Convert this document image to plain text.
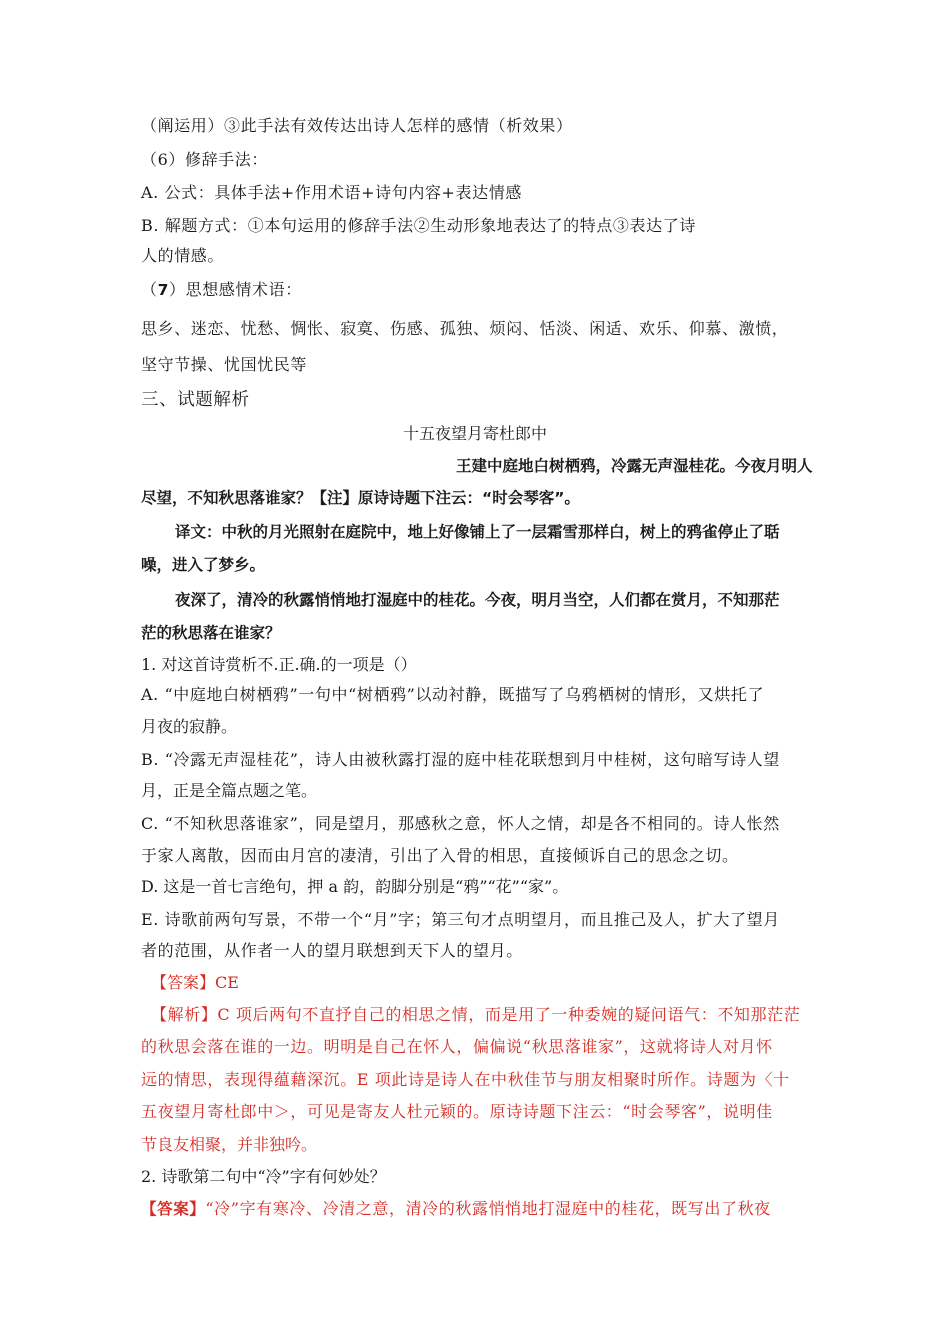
（阐运用）③此手法有效传达出诗人怎样的感情（析效果）
（6）修辞手法：
A. 公式：具体手法+作用术语+诗句内容+表达情感
B. 解题方式：①本句运用的修辞手法②生动形象地表达了的特点③表达了诗
人的情感。
（7）思想感情术语：
思乡、迷恋、忧愁、惆怅、寂寞、伤感、孤独、烦闷、恬淡、闲适、欢乐、仰慕、激愤，
坚守节操、忧国忧民等
三、试题解析
十五夜望月寄杜郎中
王建中庭地白树栖鸦，冷露无声湿桂花。今夜月明人
尽望，不知秋思落谁家？【注】原诗诗题下注云：“时会琴客”。
译文：中秋的月光照射在庭院中，地上好像铺上了一层霜雪那样白，树上的鸦雀停止了聒
噪，进入了梦乡。
夜深了，清冷的秋露悄悄地打湿庭中的桂花。今夜，明月当空，人们都在赏月，不知那茫
茫的秋思落在谁家？
1. 对这首诗赏析不.正.确.的一项是（）
A. “中庭地白树栖鸦”一句中“树栖鸦”以动衬静，既描写了乌鸦栖树的情形，又烘托了
月夜的寂静。
B. “冷露无声湿桂花”，诗人由被秋露打湿的庭中桂花联想到月中桂树，这句暗写诗人望
月，正是全篇点题之笔。
C. “不知秋思落谁家”，同是望月，那感秋之意，怀人之情，却是各不相同的。诗人怅然
于家人离散，因而由月宫的凄清，引出了入骨的相思，直接倾诉自己的思念之切。
D. 这是一首七言绝句，押 a 韵，韵脚分别是“鸦”“花”“家”。
E. 诗歌前两句写景，不带一个“月”字；第三句才点明望月，而且推己及人，扩大了望月
者的范围，从作者一人的望月联想到天下人的望月。
【答案】CE
【解析】C 项后两句不直抒自己的相思之情，而是用了一种委婉的疑问语气：不知那茫茫
的秋思会落在谁的一边。明明是自己在怀人，偏偏说“秋思落谁家”，这就将诗人对月怀
远的情思，表现得蕴藉深沉。E 项此诗是诗人在中秋佳节与朋友相聚时所作。诗题为〈十
五夜望月寄杜郎中＞，可见是寄友人杜元颖的。原诗诗题下注云：“时会琴客”，说明佳
节良友相聚，并非独吟。
2. 诗歌第二句中“冷”字有何妙处？
【答案】“冷”字有寒冷、冷清之意，清冷的秋露悄悄地打湿庭中的桂花，既写出了秋夜
